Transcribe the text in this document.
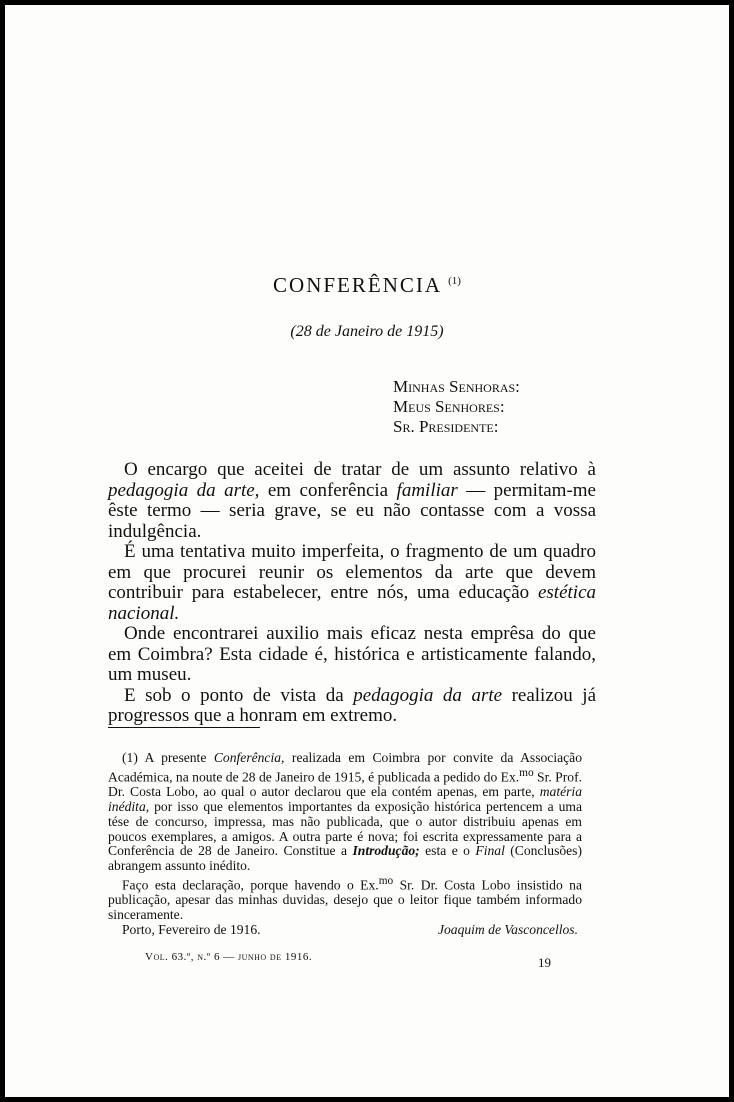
CONFERÊNCIA $^{(1)}$
(28 de Janeiro de 1915)
Minhas Senhoras:
Meus Senhores:
Sr. Presidente:

O encargo que aceitei de tratar de um assunto relativo à pedagogia da arte, em conferência familiar — permitam-me êste termo — seria grave, se eu não contasse com a vossa indulgência.

É uma tentativa muito imperfeita, o fragmento de um quadro em que procurei reunir os elementos da arte que devem contribuir para estabelecer, entre nós, uma educação estética nacional.

Onde encontrarei auxilio mais eficaz nesta emprêsa do que em Coimbra? Esta cidade é, histórica e artisticamente falando, um museu.

E sob o ponto de vista da pedagogia da arte realizou já progressos que a honram em extremo.

(1) A presente Conferência, realizada em Coimbra por convite da Associação Académica, na noute de 28 de Janeiro de 1915, é publicada a pedido do Ex.$^{mo}$ Sr. Prof. Dr. Costa Lobo, ao qual o autor declarou que ela contém apenas, em parte, matéria inédita, por isso que elementos importantes da exposição histórica pertencem a uma tése de concurso, impressa, mas não publicada, que o autor distribuiu apenas em poucos exemplares, a amigos. A outra parte é nova; foi escrita expressamente para a Conferência de 28 de Janeiro. Constitue a Introdução; esta e o Final (Conclusões) abrangem assunto inédito.

Faço esta declaração, porque havendo o Ex.$^{mo}$ Sr. Dr. Costa Lobo insistido na publicação, apesar das minhas duvidas, desejo que o leitor fique também informado sinceramente.

Porto, Fevereiro de 1916.	Joaquim de Vasconcellos.

Vol. 63.º, n.º 6 — junho de 1916.	19
